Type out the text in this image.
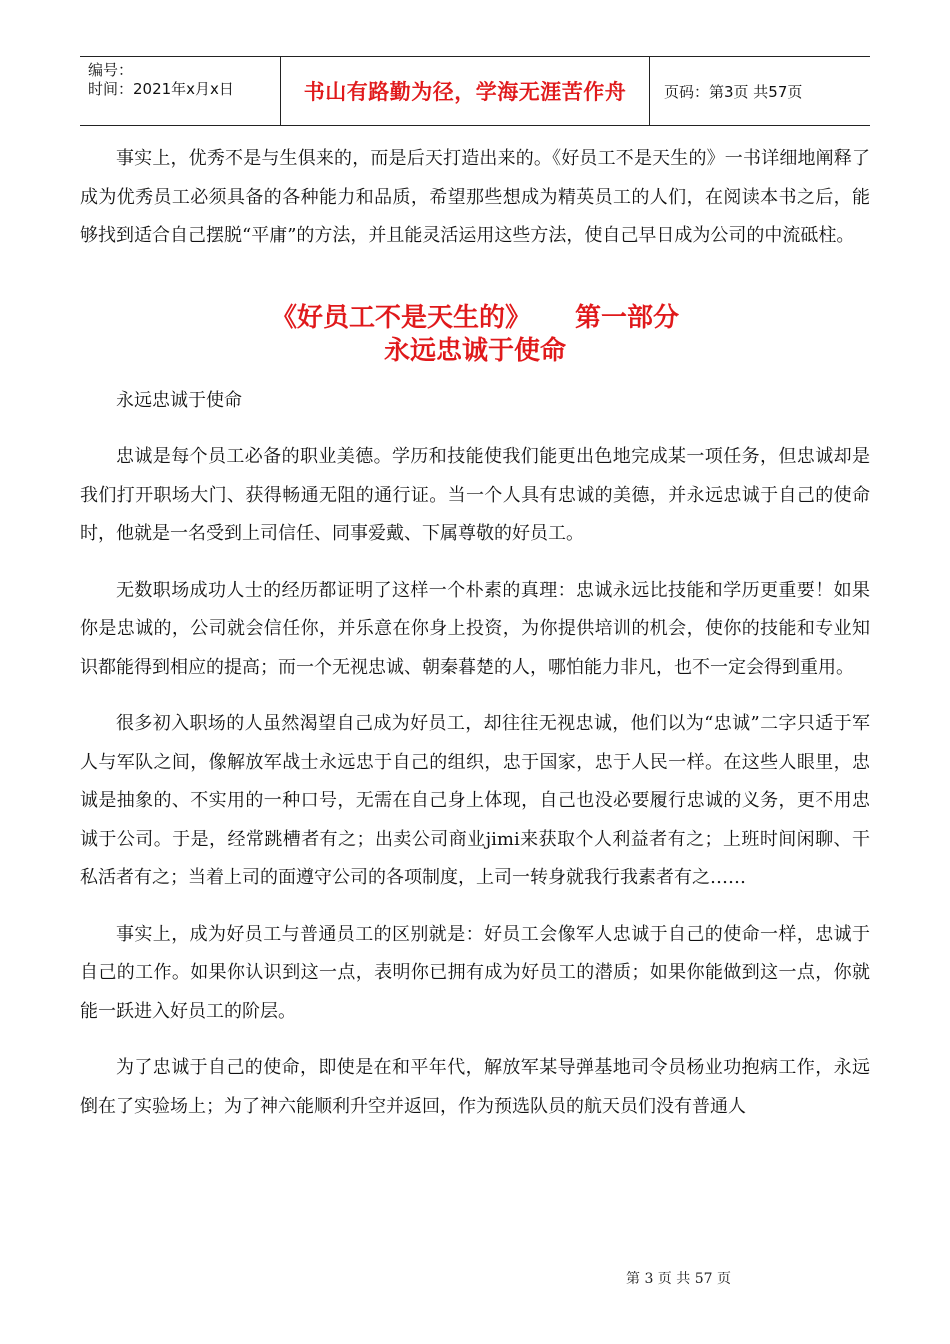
编号：
时间：2021年x月x日	书山有路勤为径，学海无涯苦作舟	页码：第3页 共57页

事实上，优秀不是与生俱来的，而是后天打造出来的。《好员工不是天生的》一书详细地阐释了成为优秀员工必须具备的各种能力和品质，希望那些想成为精英员工的人们，在阅读本书之后，能够找到适合自己摆脱“平庸”的方法，并且能灵活运用这些方法，使自己早日成为公司的中流砥柱。

《好员工不是天生的》 第一部分

永远忠诚于使命

永远忠诚于使命

忠诚是每个员工必备的职业美德。学历和技能使我们能更出色地完成某一项任务，但忠诚却是我们打开职场大门、获得畅通无阻的通行证。当一个人具有忠诚的美德，并永远忠诚于自己的使命时，他就是一名受到上司信任、同事爱戴、下属尊敬的好员工。

无数职场成功人士的经历都证明了这样一个朴素的真理：忠诚永远比技能和学历更重要！如果你是忠诚的，公司就会信任你，并乐意在你身上投资，为你提供培训的机会，使你的技能和专业知识都能得到相应的提高；而一个无视忠诚、朝秦暮楚的人，哪怕能力非凡，也不一定会得到重用。

很多初入职场的人虽然渴望自己成为好员工，却往往无视忠诚，他们以为“忠诚”二字只适于军人与军队之间，像解放军战士永远忠于自己的组织，忠于国家，忠于人民一样。在这些人眼里，忠诚是抽象的、不实用的一种口号，无需在自己身上体现，自己也没必要履行忠诚的义务，更不用忠诚于公司。于是，经常跳槽者有之；出卖公司商业jimi来获取个人利益者有之；上班时间闲聊、干私活者有之；当着上司的面遵守公司的各项制度，上司一转身就我行我素者有之……

事实上，成为好员工与普通员工的区别就是：好员工会像军人忠诚于自己的使命一样，忠诚于自己的工作。如果你认识到这一点，表明你已拥有成为好员工的潜质；如果你能做到这一点，你就能一跃进入好员工的阶层。

为了忠诚于自己的使命，即使是在和平年代，解放军某导弹基地司令员杨业功抱病工作，永远倒在了实验场上；为了神六能顺利升空并返回，作为预选队员的航天员们没有普通人

第 3 页 共 57 页
